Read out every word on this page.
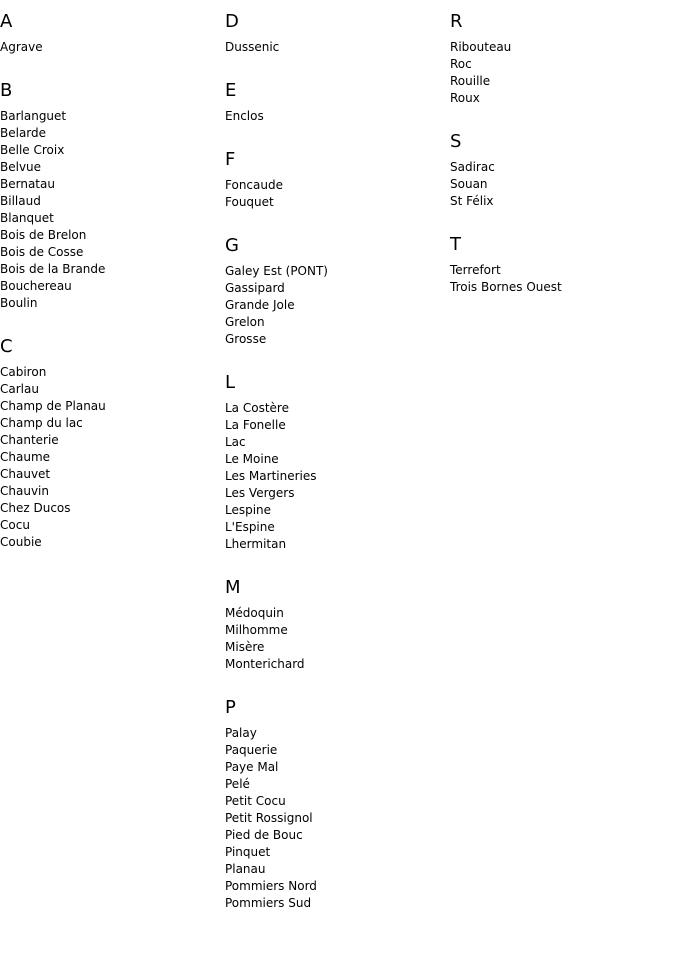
A
Agrave
B
Barlanguet
Belarde
Belle Croix
Belvue
Bernatau
Billaud
Blanquet
Bois de Brelon
Bois de Cosse
Bois de la Brande
Bouchereau
Boulin
C
Cabiron
Carlau
Champ de Planau
Champ du lac
Chanterie
Chaume
Chauvet
Chauvin
Chez Ducos
Cocu
Coubie
D
Dussenic
E
Enclos
F
Foncaude
Fouquet
G
Galey Est (PONT)
Gassipard
Grande Jole
Grelon
Grosse
L
La Costère
La Fonelle
Lac
Le Moine
Les Martineries
Les Vergers
Lespine
L'Espine
Lhermitan
M
Médoquin
Milhomme
Misère
Monterichard
P
Palay
Paquerie
Paye Mal
Pelé
Petit Cocu
Petit Rossignol
Pied de Bouc
Pinquet
Planau
Pommiers Nord
Pommiers Sud
R
Ribouteau
Roc
Rouille
Roux
S
Sadirac
Souan
St Félix
T
Terrefort
Trois Bornes Ouest
